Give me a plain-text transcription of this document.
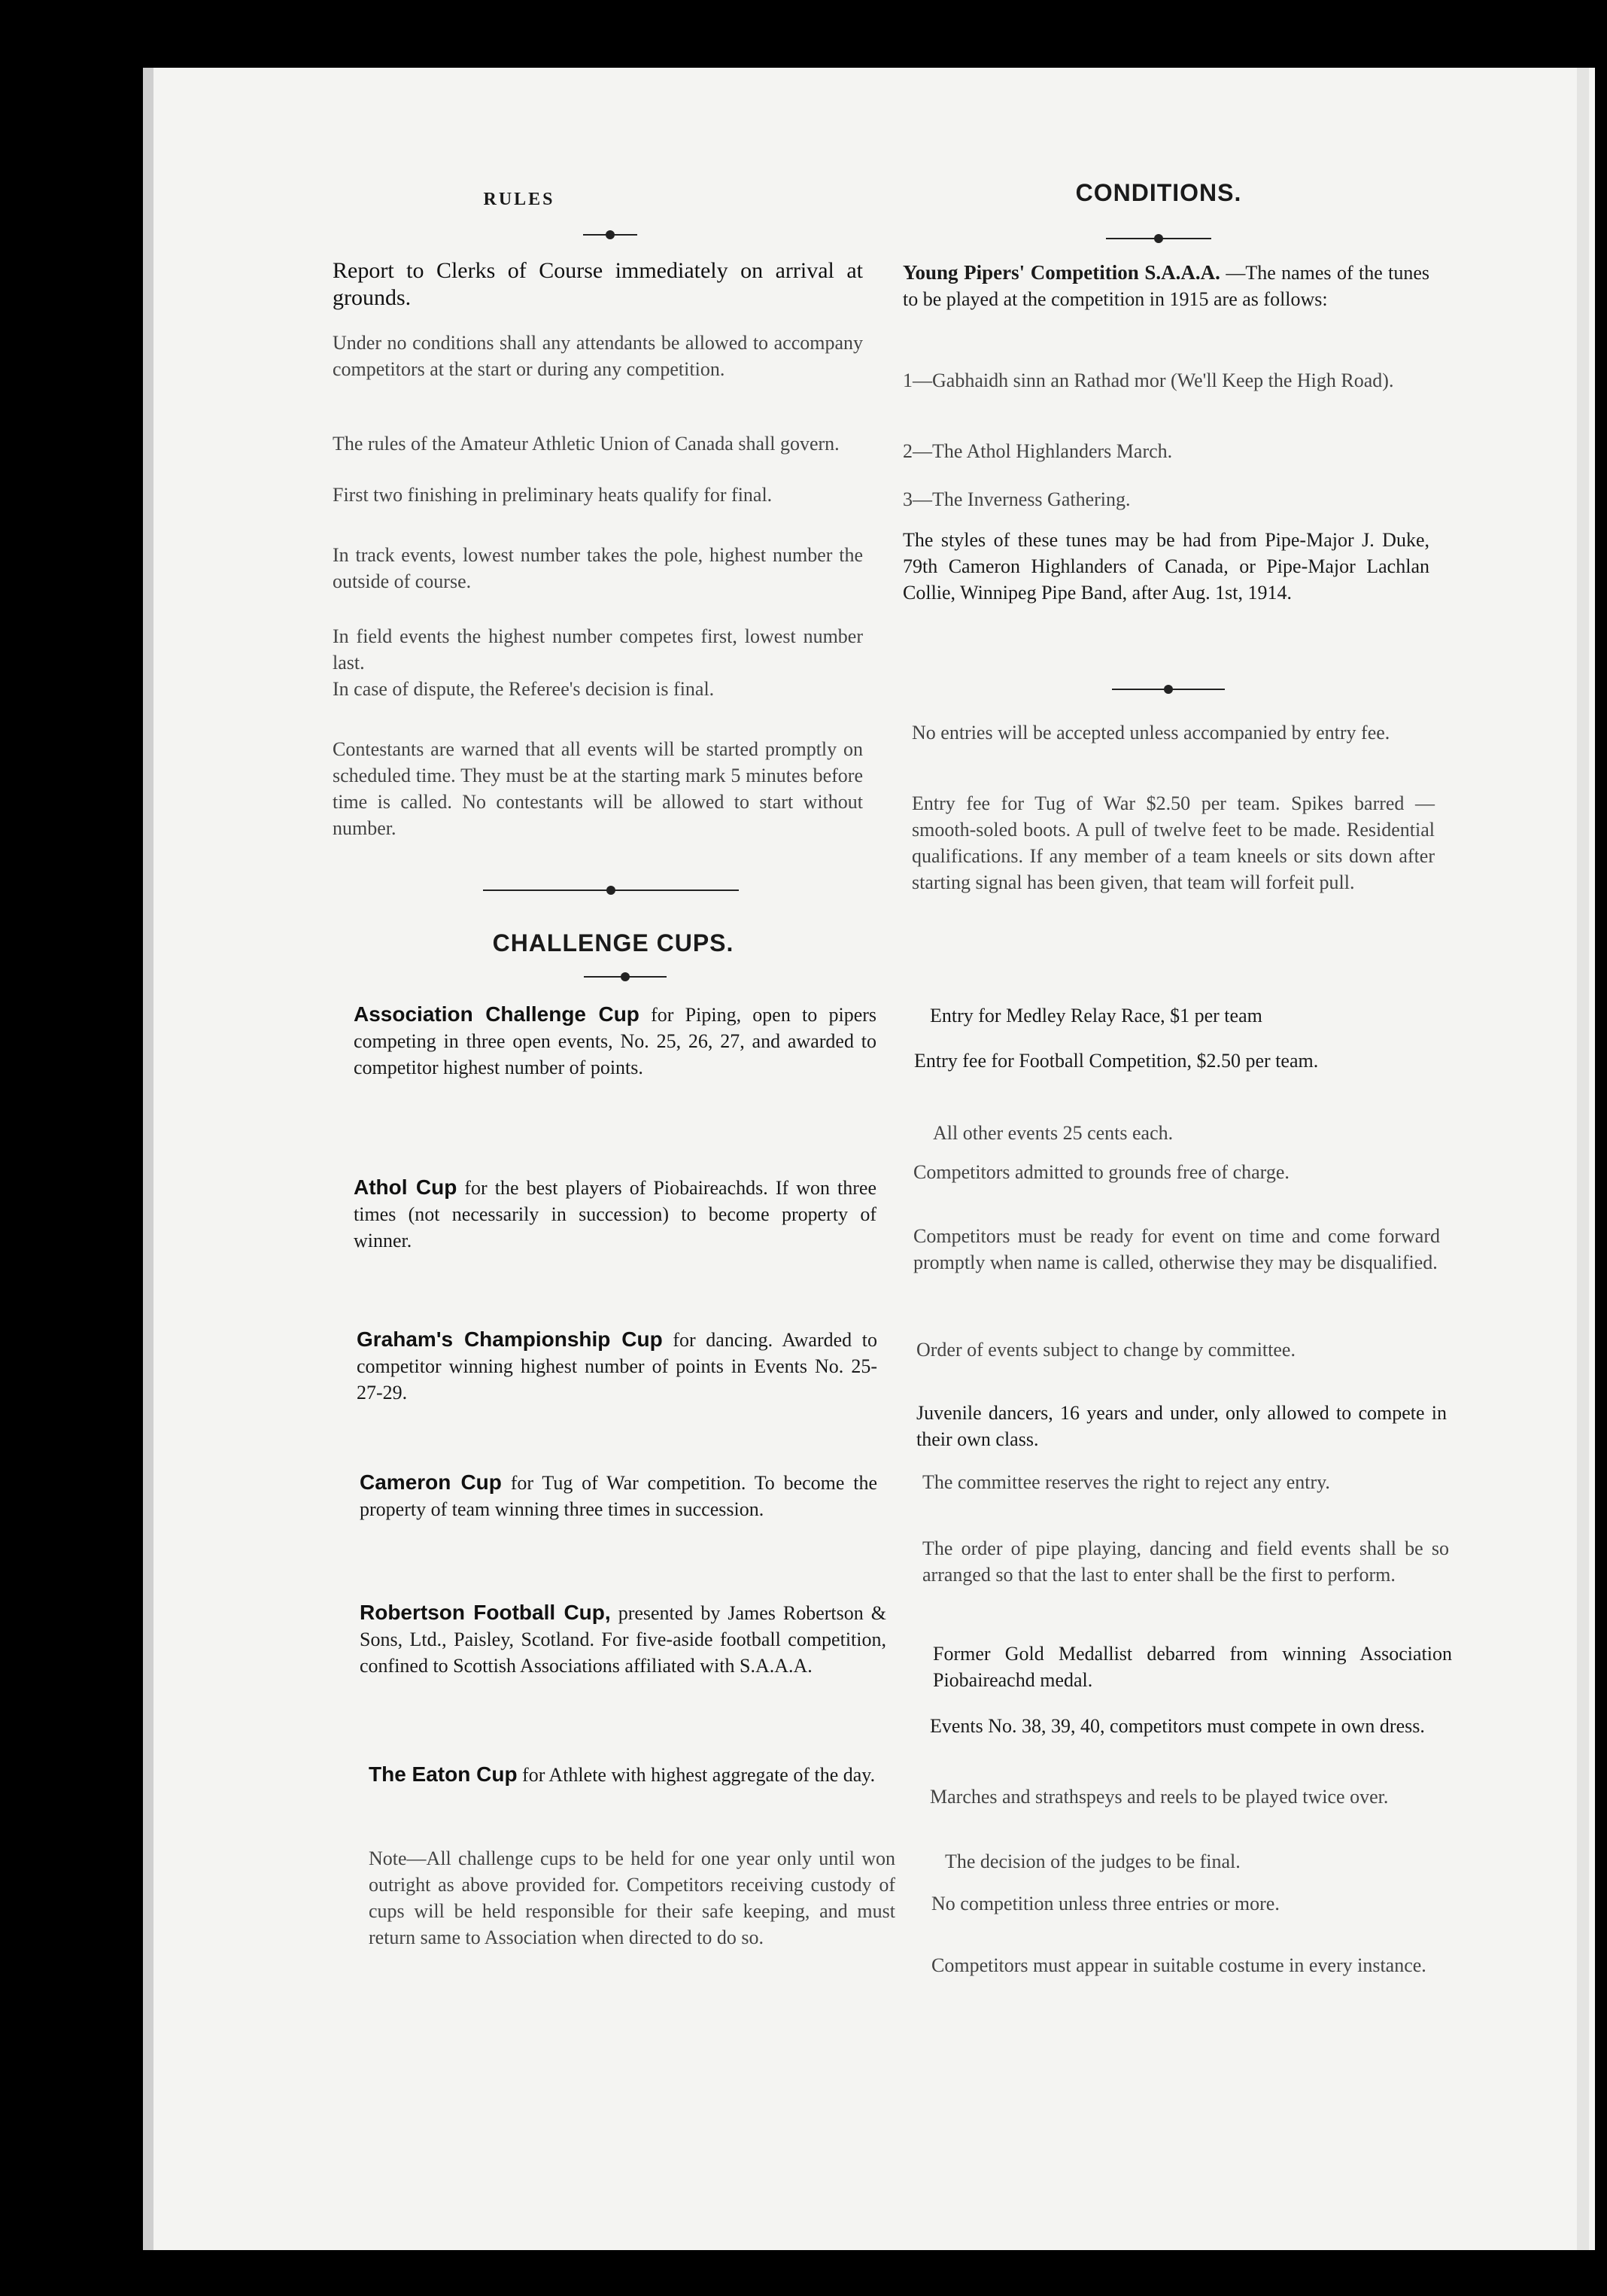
RULES
Report to Clerks of Course immediately on arrival at grounds.
Under no conditions shall any attendants be allowed to accompany competitors at the start or during any competition.
The rules of the Amateur Athletic Union of Canada shall govern.
First two finishing in preliminary heats qualify for final.
In track events, lowest number takes the pole, highest number the outside of course.
In field events the highest number competes first, lowest number last.
In case of dispute, the Referee's decision is final.
Contestants are warned that all events will be started promptly on scheduled time. They must be at the starting mark 5 minutes before time is called. No contestants will be allowed to start without number.
CHALLENGE CUPS.
Association Challenge Cup for Piping, open to pipers competing in three open events, No. 25, 26, 27, and awarded to competitor highest number of points.
Athol Cup for the best players of Piobaireachds. If won three times (not necessarily in succession) to become property of winner.
Graham's Championship Cup for dancing. Awarded to competitor winning highest number of points in Events No. 25-27-29.
Cameron Cup for Tug of War competition. To become the property of team winning three times in succession.
Robertson Football Cup, presented by James Robertson & Sons, Ltd., Paisley, Scotland. For five-aside football competition, confined to Scottish Associations affiliated with S.A.A.A.
The Eaton Cup for Athlete with highest aggregate of the day.
Note—All challenge cups to be held for one year only until won outright as above provided for. Competitors receiving custody of cups will be held responsible for their safe keeping, and must return same to Association when directed to do so.
CONDITIONS.
Young Pipers' Competition S.A.A.A. —The names of the tunes to be played at the competition in 1915 are as follows:
1—Gabhaidh sinn an Rathad mor (We'll Keep the High Road).
2—The Athol Highlanders March.
3—The Inverness Gathering.
The styles of these tunes may be had from Pipe-Major J. Duke, 79th Cameron Highlanders of Canada, or Pipe-Major Lachlan Collie, Winnipeg Pipe Band, after Aug. 1st, 1914.
No entries will be accepted unless accompanied by entry fee.
Entry fee for Tug of War $2.50 per team. Spikes barred — smooth-soled boots. A pull of twelve feet to be made. Residential qualifications. If any member of a team kneels or sits down after starting signal has been given, that team will forfeit pull.
Entry for Medley Relay Race, $1 per team
Entry fee for Football Competition, $2.50 per team.
All other events 25 cents each.
Competitors admitted to grounds free of charge.
Competitors must be ready for event on time and come forward promptly when name is called, otherwise they may be disqualified.
Order of events subject to change by committee.
Juvenile dancers, 16 years and under, only allowed to compete in their own class.
The committee reserves the right to reject any entry.
The order of pipe playing, dancing and field events shall be so arranged so that the last to enter shall be the first to perform.
Former Gold Medallist debarred from winning Association Piobaireachd medal.
Events No. 38, 39, 40, competitors must compete in own dress.
Marches and strathspeys and reels to be played twice over.
The decision of the judges to be final.
No competition unless three entries or more.
Competitors must appear in suitable costume in every instance.
